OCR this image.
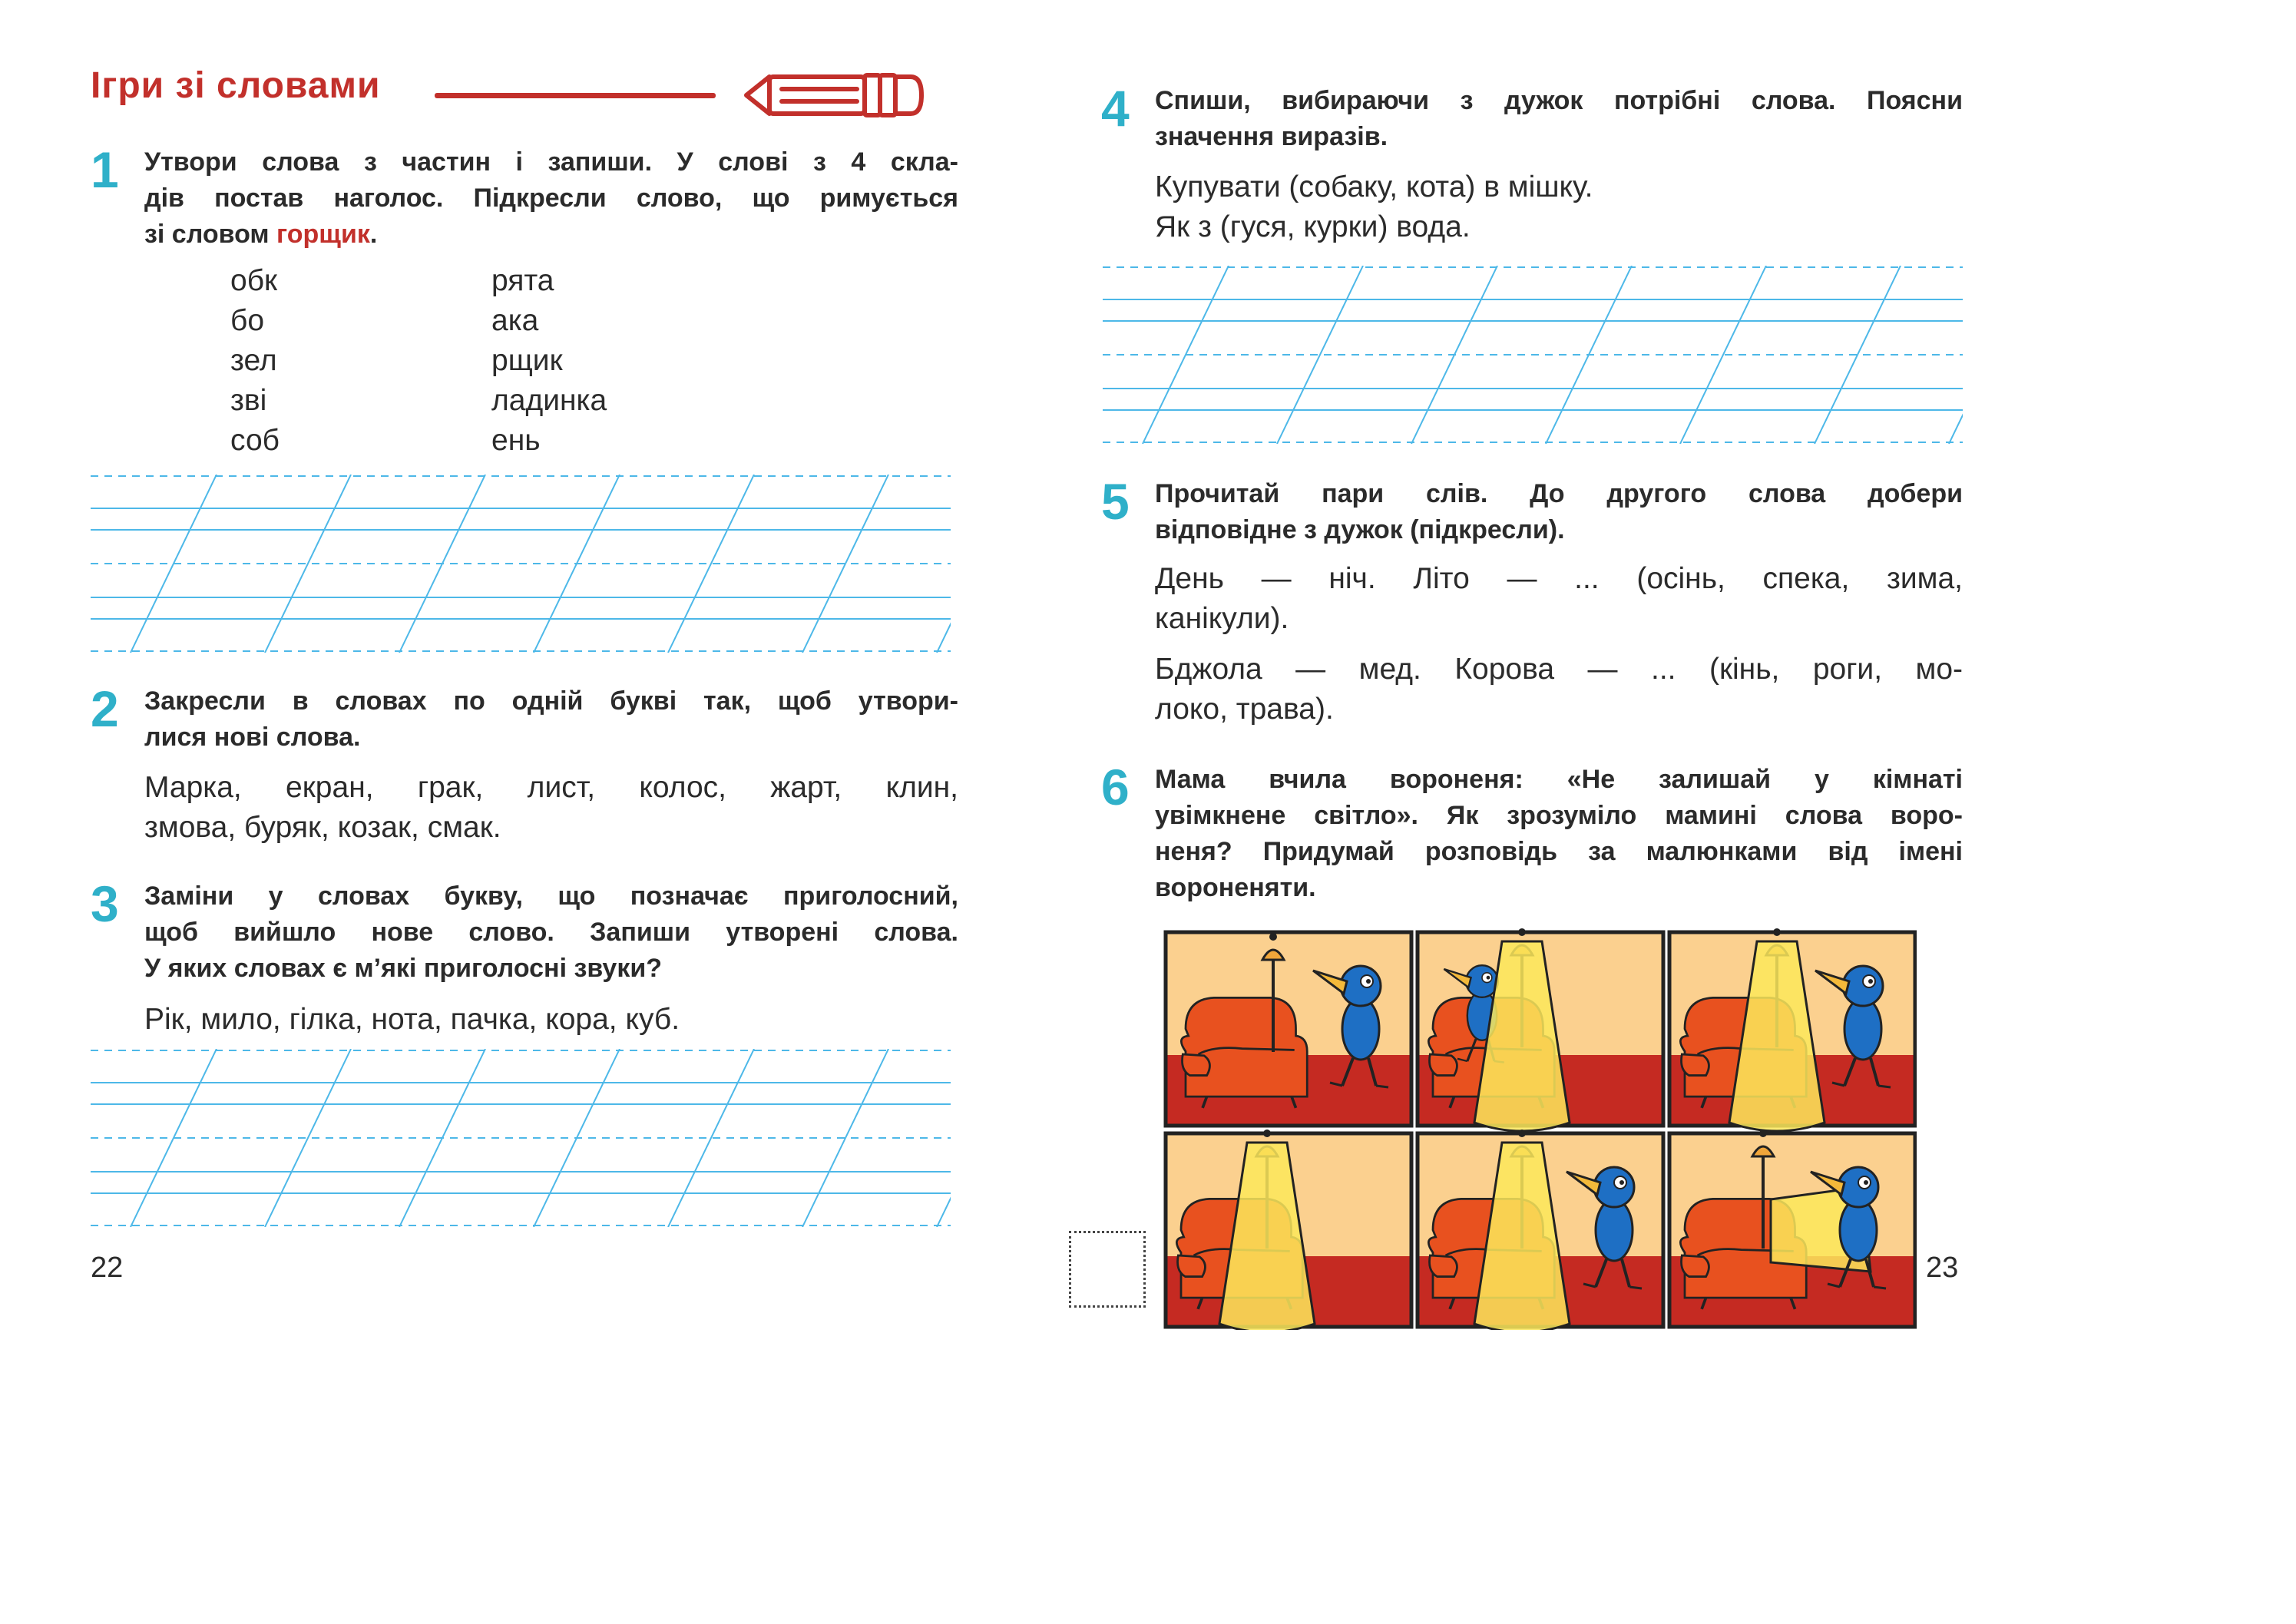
Ігри зі словами
1 Утвори слова з частин і запиши. У слові з 4 скла-
дів постав наголос. Підкресли слово, що римується
зі словом горщик.
обк
бо
зел
зві
соб
рята
ака
рщик
ладинка
ень
2 Закресли в словах по одній букві так, щоб утвори-
лися нові слова.
Марка, екран, грак, лист, колос, жарт, клин,
змова, буряк, козак, смак.
3 Заміни у словах букву, що позначає приголосний,
щоб вийшло нове слово. Запиши утворені слова.
У яких словах є м’які приголосні звуки?
Рік, мило, гілка, нота, пачка, кора, куб.
22
4 Спиши, вибираючи з дужок потрібні слова. Поясни
значення виразів.
Купувати (собаку, кота) в мішку.
Як з (гуся, курки) вода.
5 Прочитай пари слів. До другого слова добери
відповідне з дужок (підкресли).
День — ніч. Літо — ... (осінь, спека, зима,
канікули).
Бджола — мед. Корова — ... (кінь, роги, мо-
локо, трава).
6 Мама вчила вороненя: «Не залишай у кімнаті
увімкнене світло». Як зрозуміло мамині слова воро-
неня? Придумай розповідь за малюнками від імені
вороненяти.
23
